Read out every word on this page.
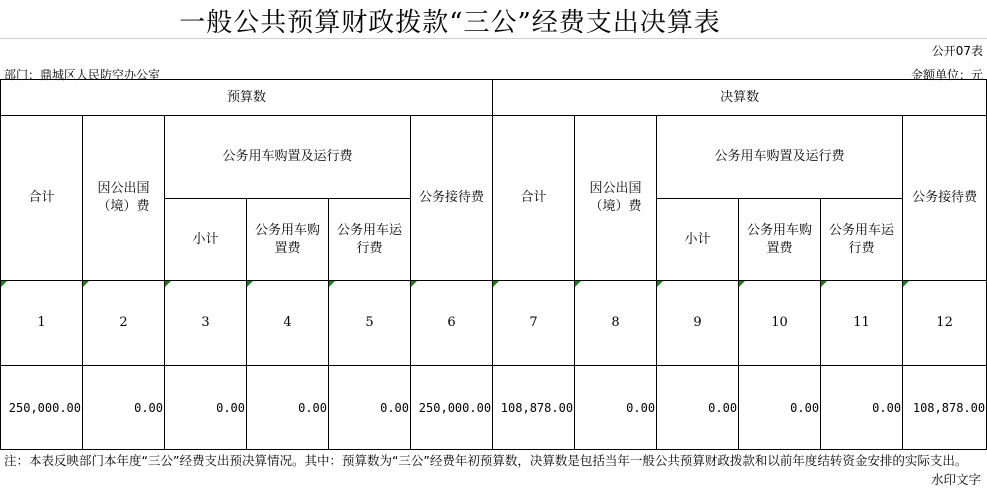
一般公共预算财政拨款“三公”经费支出决算表
公开07表
部门：鼎城区人民防空办公室	金额单位：元
预算数						决算数					
合计	因公出国（境）费	公务用车购置及运行费			公务接待费	合计	因公出国（境）费	公务用车购置及运行费			公务接待费
		小计	公务用车购置费	公务用车运行费				小计	公务用车购置费	公务用车运行费	

1	2	3	4	5	6	7	8	9	10	11	12
250,000.00	0.00	0.00	0.00	0.00	250,000.00	108,878.00	0.00	0.00	0.00	0.00	108,878.00
注：本表反映部门本年度“三公”经费支出预决算情况。其中：预算数为“三公”经费年初预算数，决算数是包括当年一般公共预算财政拨款和以前年度结转资金安排的实际支出。
水印文字
